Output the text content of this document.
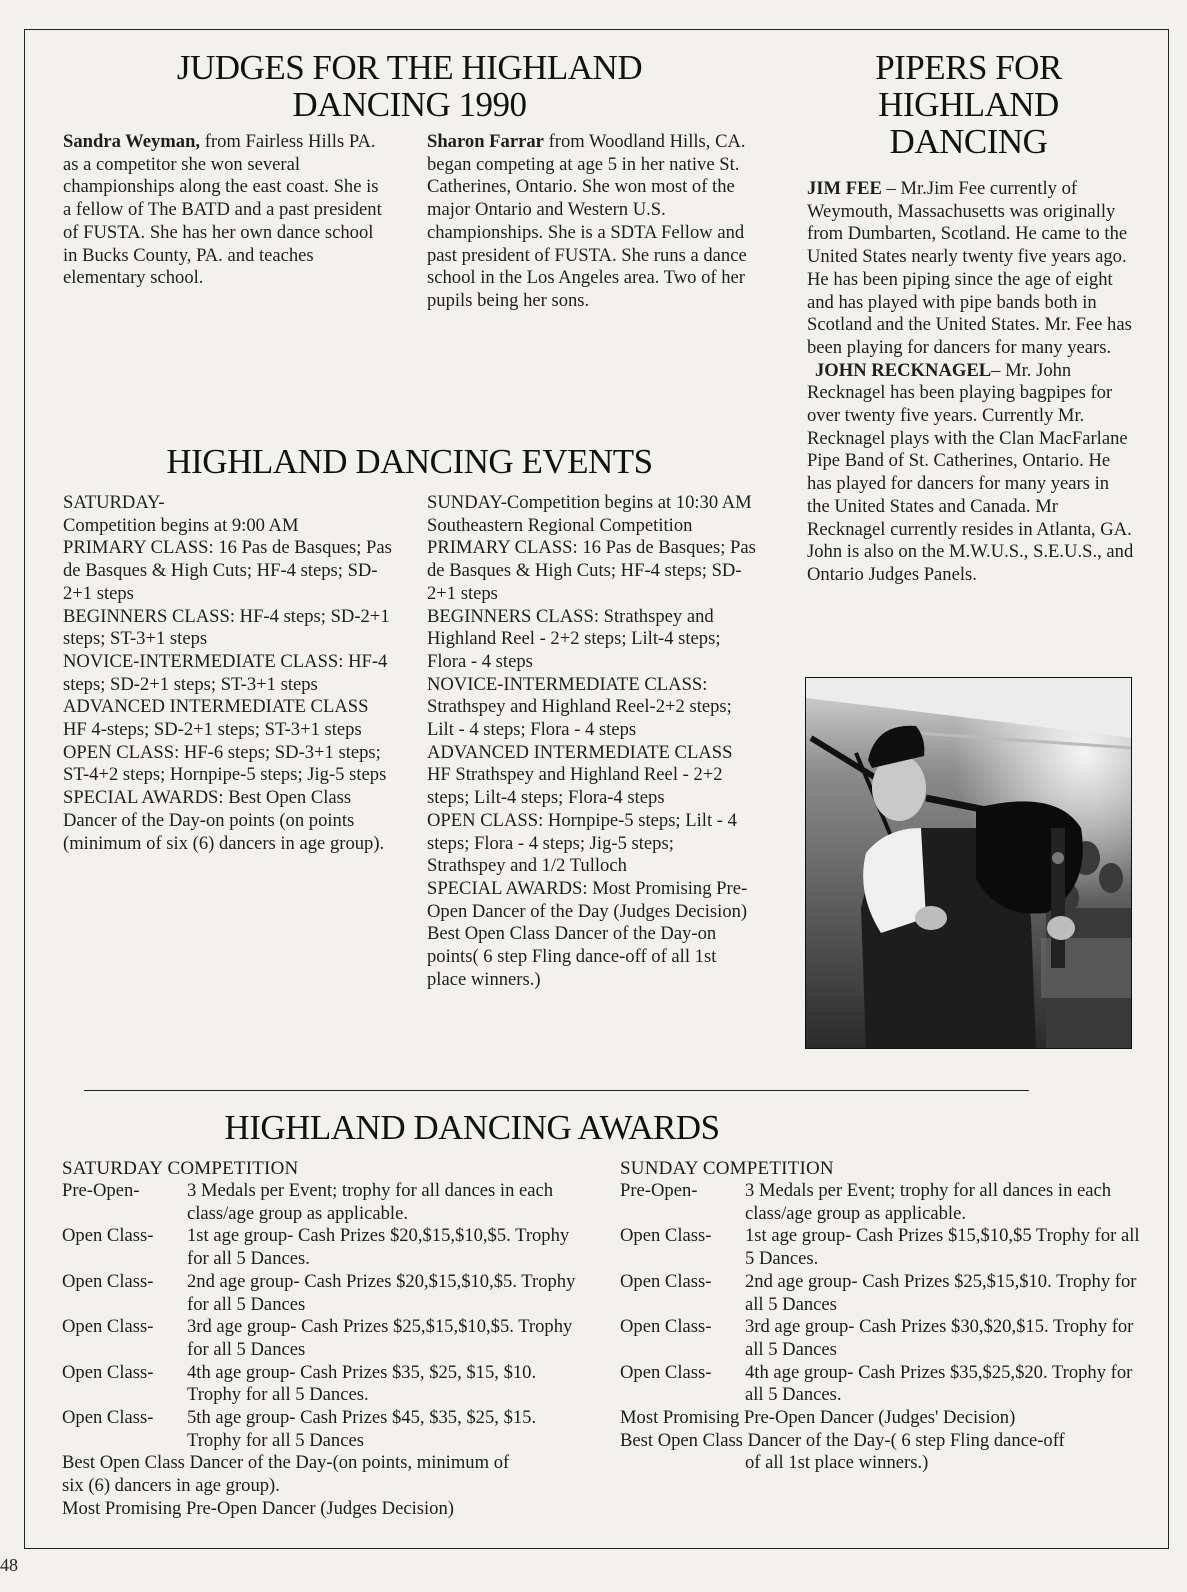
JUDGES FOR THE HIGHLAND
DANCING 1990

Sandra Weyman, from Fairless Hills PA. as a competitor she won several championships along the east coast. She is a fellow of The BATD and a past president of FUSTA. She has her own dance school in Bucks County, PA. and teaches elementary school.

Sharon Farrar from Woodland Hills, CA. began competing at age 5 in her native St. Catherines, Ontario. She won most of the major Ontario and Western U.S. championships. She is a SDTA Fellow and past president of FUSTA. She runs a dance school in the Los Angeles area. Two of her pupils being her sons.

PIPERS FOR
HIGHLAND
DANCING

JIM FEE – Mr.Jim Fee currently of Weymouth, Massachusetts was originally from Dumbarten, Scotland. He came to the United States nearly twenty five years ago. He has been piping since the age of eight and has played with pipe bands both in Scotland and the United States. Mr. Fee has been playing for dancers for many years.

JOHN RECKNAGEL– Mr. John Recknagel has been playing bagpipes for over twenty five years. Currently Mr. Recknagel plays with the Clan MacFarlane Pipe Band of St. Catherines, Ontario. He has played for dancers for many years in the United States and Canada. Mr Recknagel currently resides in Atlanta, GA. John is also on the M.W.U.S., S.E.U.S., and Ontario Judges Panels.

HIGHLAND DANCING EVENTS

SATURDAY-

Competition begins at 9:00 AM

PRIMARY CLASS: 16 Pas de Basques; Pas de Basques & High Cuts; HF-4 steps; SD-2+1 steps

BEGINNERS CLASS: HF-4 steps; SD-2+1 steps; ST-3+1 steps

NOVICE-INTERMEDIATE CLASS: HF-4 steps; SD-2+1 steps; ST-3+1 steps

ADVANCED INTERMEDIATE CLASS HF 4-steps; SD-2+1 steps; ST-3+1 steps

OPEN CLASS: HF-6 steps; SD-3+1 steps; ST-4+2 steps; Hornpipe-5 steps; Jig-5 steps

SPECIAL AWARDS: Best Open Class Dancer of the Day-on points (on points (minimum of six (6) dancers in age group).

SUNDAY-Competition begins at 10:30 AM Southeastern Regional Competition

PRIMARY CLASS: 16 Pas de Basques; Pas de Basques & High Cuts; HF-4 steps; SD-2+1 steps

BEGINNERS CLASS: Strathspey and Highland Reel - 2+2 steps; Lilt-4 steps; Flora - 4 steps

NOVICE-INTERMEDIATE CLASS: Strathspey and Highland Reel-2+2 steps; Lilt - 4 steps; Flora - 4 steps

ADVANCED INTERMEDIATE CLASS HF Strathspey and Highland Reel - 2+2 steps; Lilt-4 steps; Flora-4 steps

OPEN CLASS: Hornpipe-5 steps; Lilt - 4 steps; Flora - 4 steps; Jig-5 steps; Strathspey and 1/2 Tulloch

SPECIAL AWARDS: Most Promising Pre-Open Dancer of the Day (Judges Decision) Best Open Class Dancer of the Day-on points( 6 step Fling dance-off of all 1st place winners.)

HIGHLAND DANCING AWARDS
SATURDAY COMPETITION
Pre-Open-	3 Medals per Event; trophy for all dances in each class/age group as applicable.
Open Class-	1st age group- Cash Prizes $20,$15,$10,$5. Trophy for all 5 Dances.
Open Class-	2nd age group- Cash Prizes $20,$15,$10,$5. Trophy for all 5 Dances
Open Class-	3rd age group- Cash Prizes $25,$15,$10,$5. Trophy for all 5 Dances
Open Class-	4th age group- Cash Prizes $35, $25, $15, $10. Trophy for all 5 Dances.
Open Class-	5th age group- Cash Prizes $45, $35, $25, $15. Trophy for all 5 Dances
Best Open Class Dancer of the Day-(on points, minimum of six (6) dancers in age group).
Most Promising Pre-Open Dancer (Judges Decision)
SUNDAY COMPETITION
Pre-Open-	3 Medals per Event; trophy for all dances in each class/age group as applicable.
Open Class-	1st age group- Cash Prizes $15,$10,$5 Trophy for all 5 Dances.
Open Class-	2nd age group- Cash Prizes $25,$15,$10. Trophy for all 5 Dances
Open Class-	3rd age group- Cash Prizes $30,$20,$15. Trophy for all 5 Dances
Open Class-	4th age group- Cash Prizes $35,$25,$20. Trophy for all 5 Dances.
Most Promising Pre-Open Dancer (Judges' Decision)
Best Open Class Dancer of the Day-( 6 step Fling dance-off
of all 1st place winners.)
48
